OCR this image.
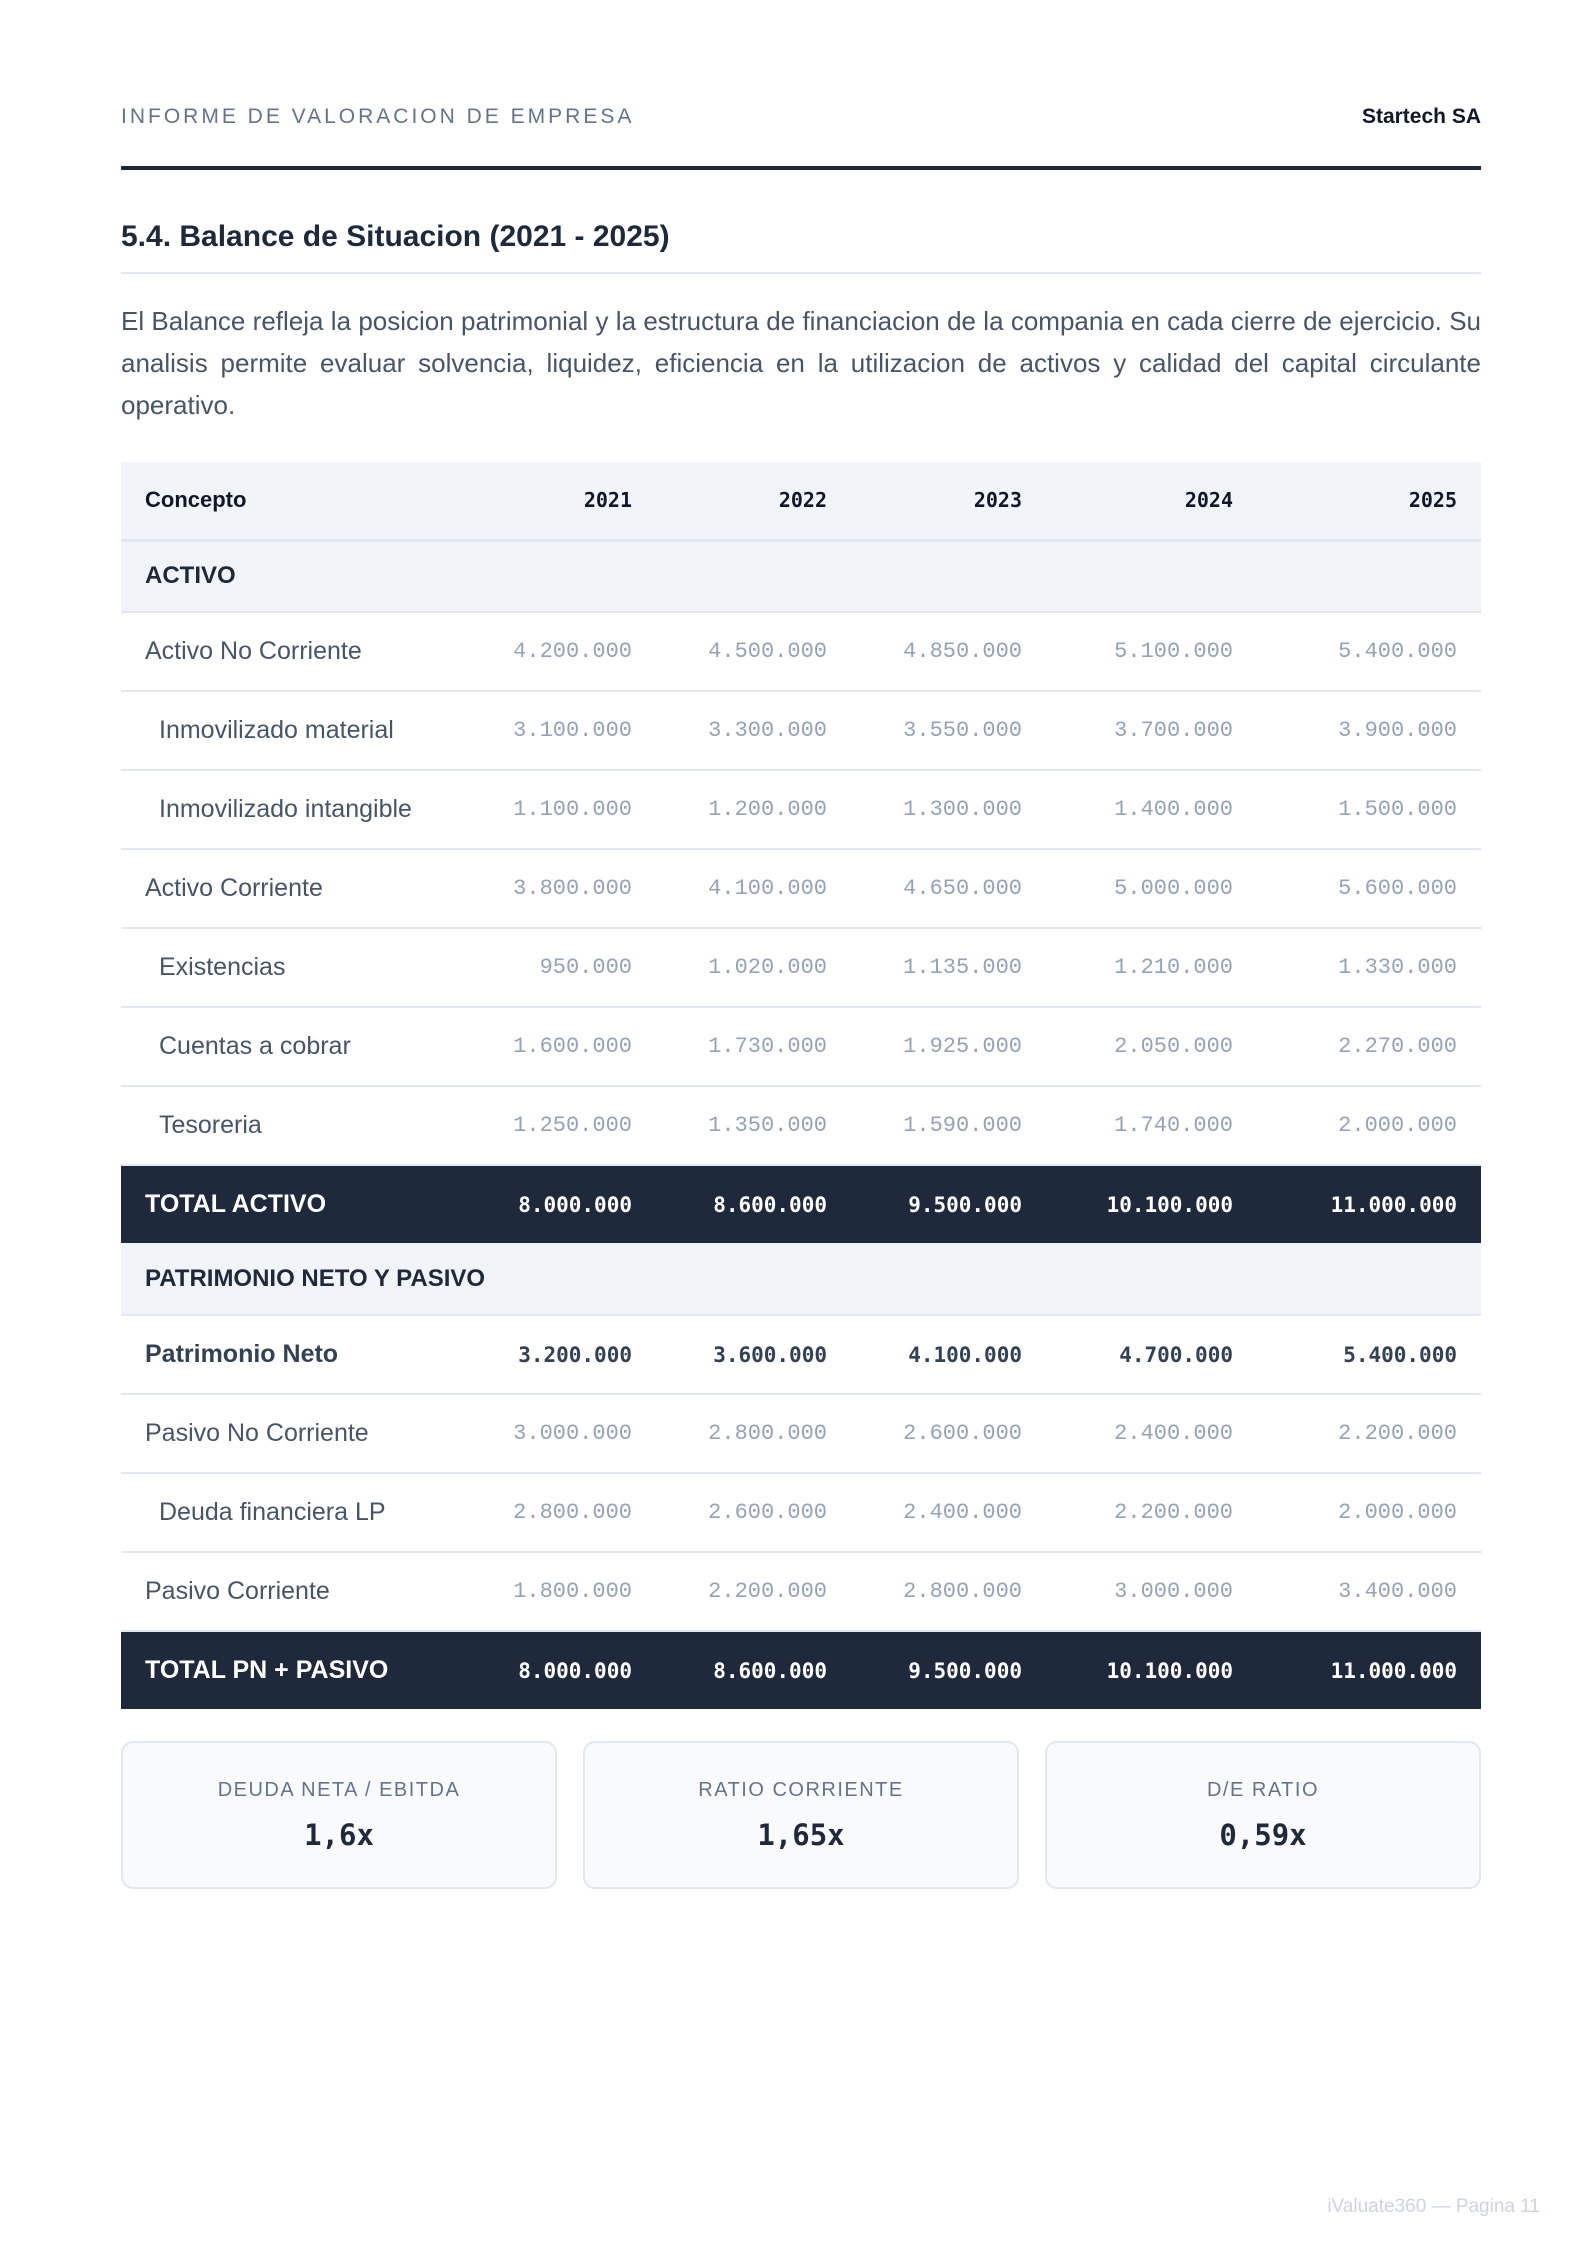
INFORME DE VALORACION DE EMPRESA	Startech SA
5.4. Balance de Situacion (2021 - 2025)

El Balance refleja la posicion patrimonial y la estructura de financiacion de la compania en cada cierre de ejercicio. Su analisis permite evaluar solvencia, liquidez, eficiencia en la utilizacion de activos y calidad del capital circulante operativo.

Concepto	2021	2022	2023	2024	2025
ACTIVO					
Activo No Corriente	4.200.000	4.500.000	4.850.000	5.100.000	5.400.000
Inmovilizado material	3.100.000	3.300.000	3.550.000	3.700.000	3.900.000
Inmovilizado intangible	1.100.000	1.200.000	1.300.000	1.400.000	1.500.000
Activo Corriente	3.800.000	4.100.000	4.650.000	5.000.000	5.600.000
Existencias	950.000	1.020.000	1.135.000	1.210.000	1.330.000
Cuentas a cobrar	1.600.000	1.730.000	1.925.000	2.050.000	2.270.000
Tesoreria	1.250.000	1.350.000	1.590.000	1.740.000	2.000.000
TOTAL ACTIVO	8.000.000	8.600.000	9.500.000	10.100.000	11.000.000
PATRIMONIO NETO Y PASIVO					
Patrimonio Neto	3.200.000	3.600.000	4.100.000	4.700.000	5.400.000
Pasivo No Corriente	3.000.000	2.800.000	2.600.000	2.400.000	2.200.000
Deuda financiera LP	2.800.000	2.600.000	2.400.000	2.200.000	2.000.000
Pasivo Corriente	1.800.000	2.200.000	2.800.000	3.000.000	3.400.000
TOTAL PN + PASIVO	8.000.000	8.600.000	9.500.000	10.100.000	11.000.000
DEUDA NETA / EBITDA
1,6x
RATIO CORRIENTE
1,65x
D/E RATIO
0,59x
iValuate360 — Pagina 11
